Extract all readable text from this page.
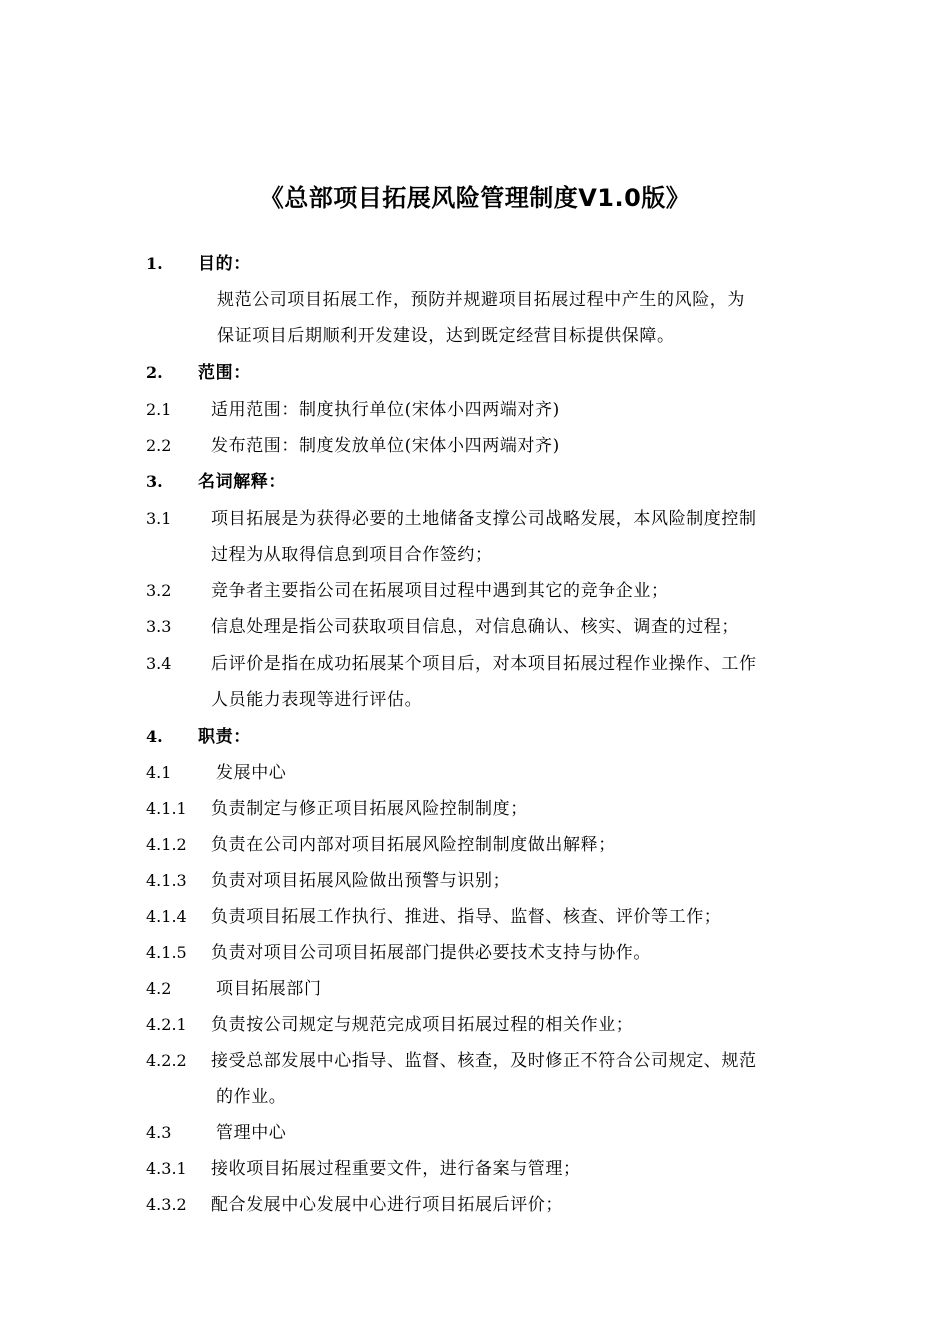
《总部项目拓展风险管理制度V1.0版》
1. 目的：
规范公司项目拓展工作，预防并规避项目拓展过程中产生的风险，为
保证项目后期顺利开发建设，达到既定经营目标提供保障。
2. 范围：
2.1 适用范围：制度执行单位(宋体小四两端对齐)
2.2 发布范围：制度发放单位(宋体小四两端对齐)
3. 名词解释：
3.1 项目拓展是为获得必要的土地储备支撑公司战略发展，本风险制度控制
过程为从取得信息到项目合作签约；
3.2 竞争者主要指公司在拓展项目过程中遇到其它的竞争企业；
3.3 信息处理是指公司获取项目信息，对信息确认、核实、调查的过程；
3.4 后评价是指在成功拓展某个项目后，对本项目拓展过程作业操作、工作
人员能力表现等进行评估。
4. 职责：
4.1	发展中心
4.1.1 负责制定与修正项目拓展风险控制制度；
4.1.2 负责在公司内部对项目拓展风险控制制度做出解释；
4.1.3 负责对项目拓展风险做出预警与识别；
4.1.4 负责项目拓展工作执行、推进、指导、监督、核查、评价等工作；
4.1.5 负责对项目公司项目拓展部门提供必要技术支持与协作。
4.2	项目拓展部门
4.2.1 负责按公司规定与规范完成项目拓展过程的相关作业；
4.2.2 接受总部发展中心指导、监督、核查，及时修正不符合公司规定、规范
的作业。
4.3	管理中心
4.3.1 接收项目拓展过程重要文件，进行备案与管理；
4.3.2 配合发展中心发展中心进行项目拓展后评价；
